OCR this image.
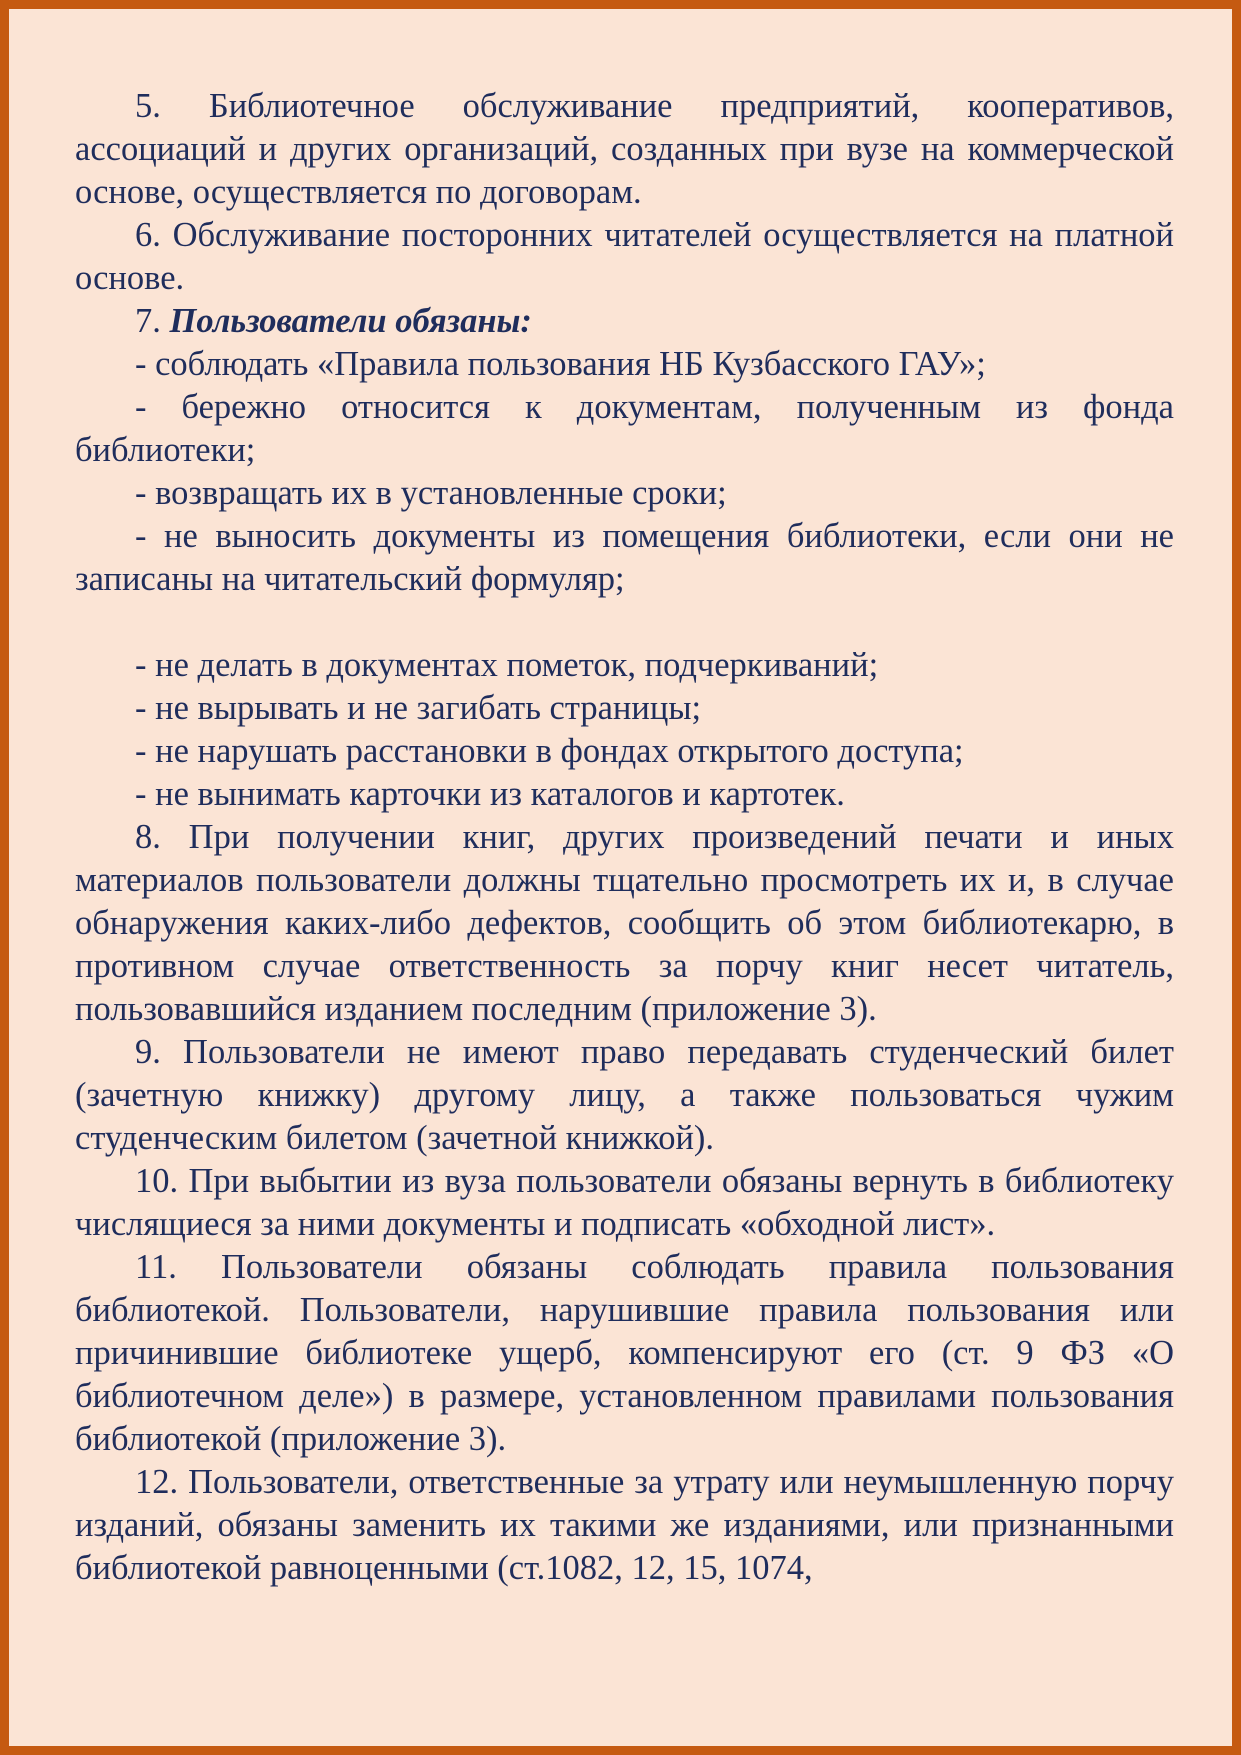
5. Библиотечное обслуживание предприятий, кооперативов, ассоциаций и других организаций, созданных при вузе на коммерческой основе, осуществляется по договорам.

6. Обслуживание посторонних читателей осуществляется на платной основе.

7. Пользователи обязаны:

- соблюдать «Правила пользования НБ Кузбасского ГАУ»;

- бережно относится к документам, полученным из фонда библиотеки;

- возвращать их в установленные сроки;

- не выносить документы из помещения библиотеки, если они не записаны на читательский формуляр;

- не делать в документах пометок, подчеркиваний;

- не вырывать и не загибать страницы;

- не нарушать расстановки в фондах открытого доступа;

- не вынимать карточки из каталогов и картотек.

8. При получении книг, других произведений печати и иных материалов пользователи должны тщательно просмотреть их и, в случае обнаружения каких-либо дефектов, сообщить об этом библиотекарю, в противном случае ответственность за порчу книг несет читатель, пользовавшийся изданием последним (приложение 3).

9. Пользователи не имеют право передавать студенческий билет (зачетную книжку) другому лицу, а также пользоваться чужим студенческим билетом (зачетной книжкой).

10. При выбытии из вуза пользователи обязаны вернуть в библиотеку числящиеся за ними документы и подписать «обходной лист».

11. Пользователи обязаны соблюдать правила пользования библиотекой. Пользователи, нарушившие правила пользования или причинившие библиотеке ущерб, компенсируют его (ст. 9 ФЗ «О библиотечном деле») в размере, установленном правилами пользования библиотекой (приложение 3).

12. Пользователи, ответственные за утрату или неумышленную порчу изданий, обязаны заменить их такими же изданиями, или признанными библиотекой равноценными (ст.1082, 12, 15, 1074,
